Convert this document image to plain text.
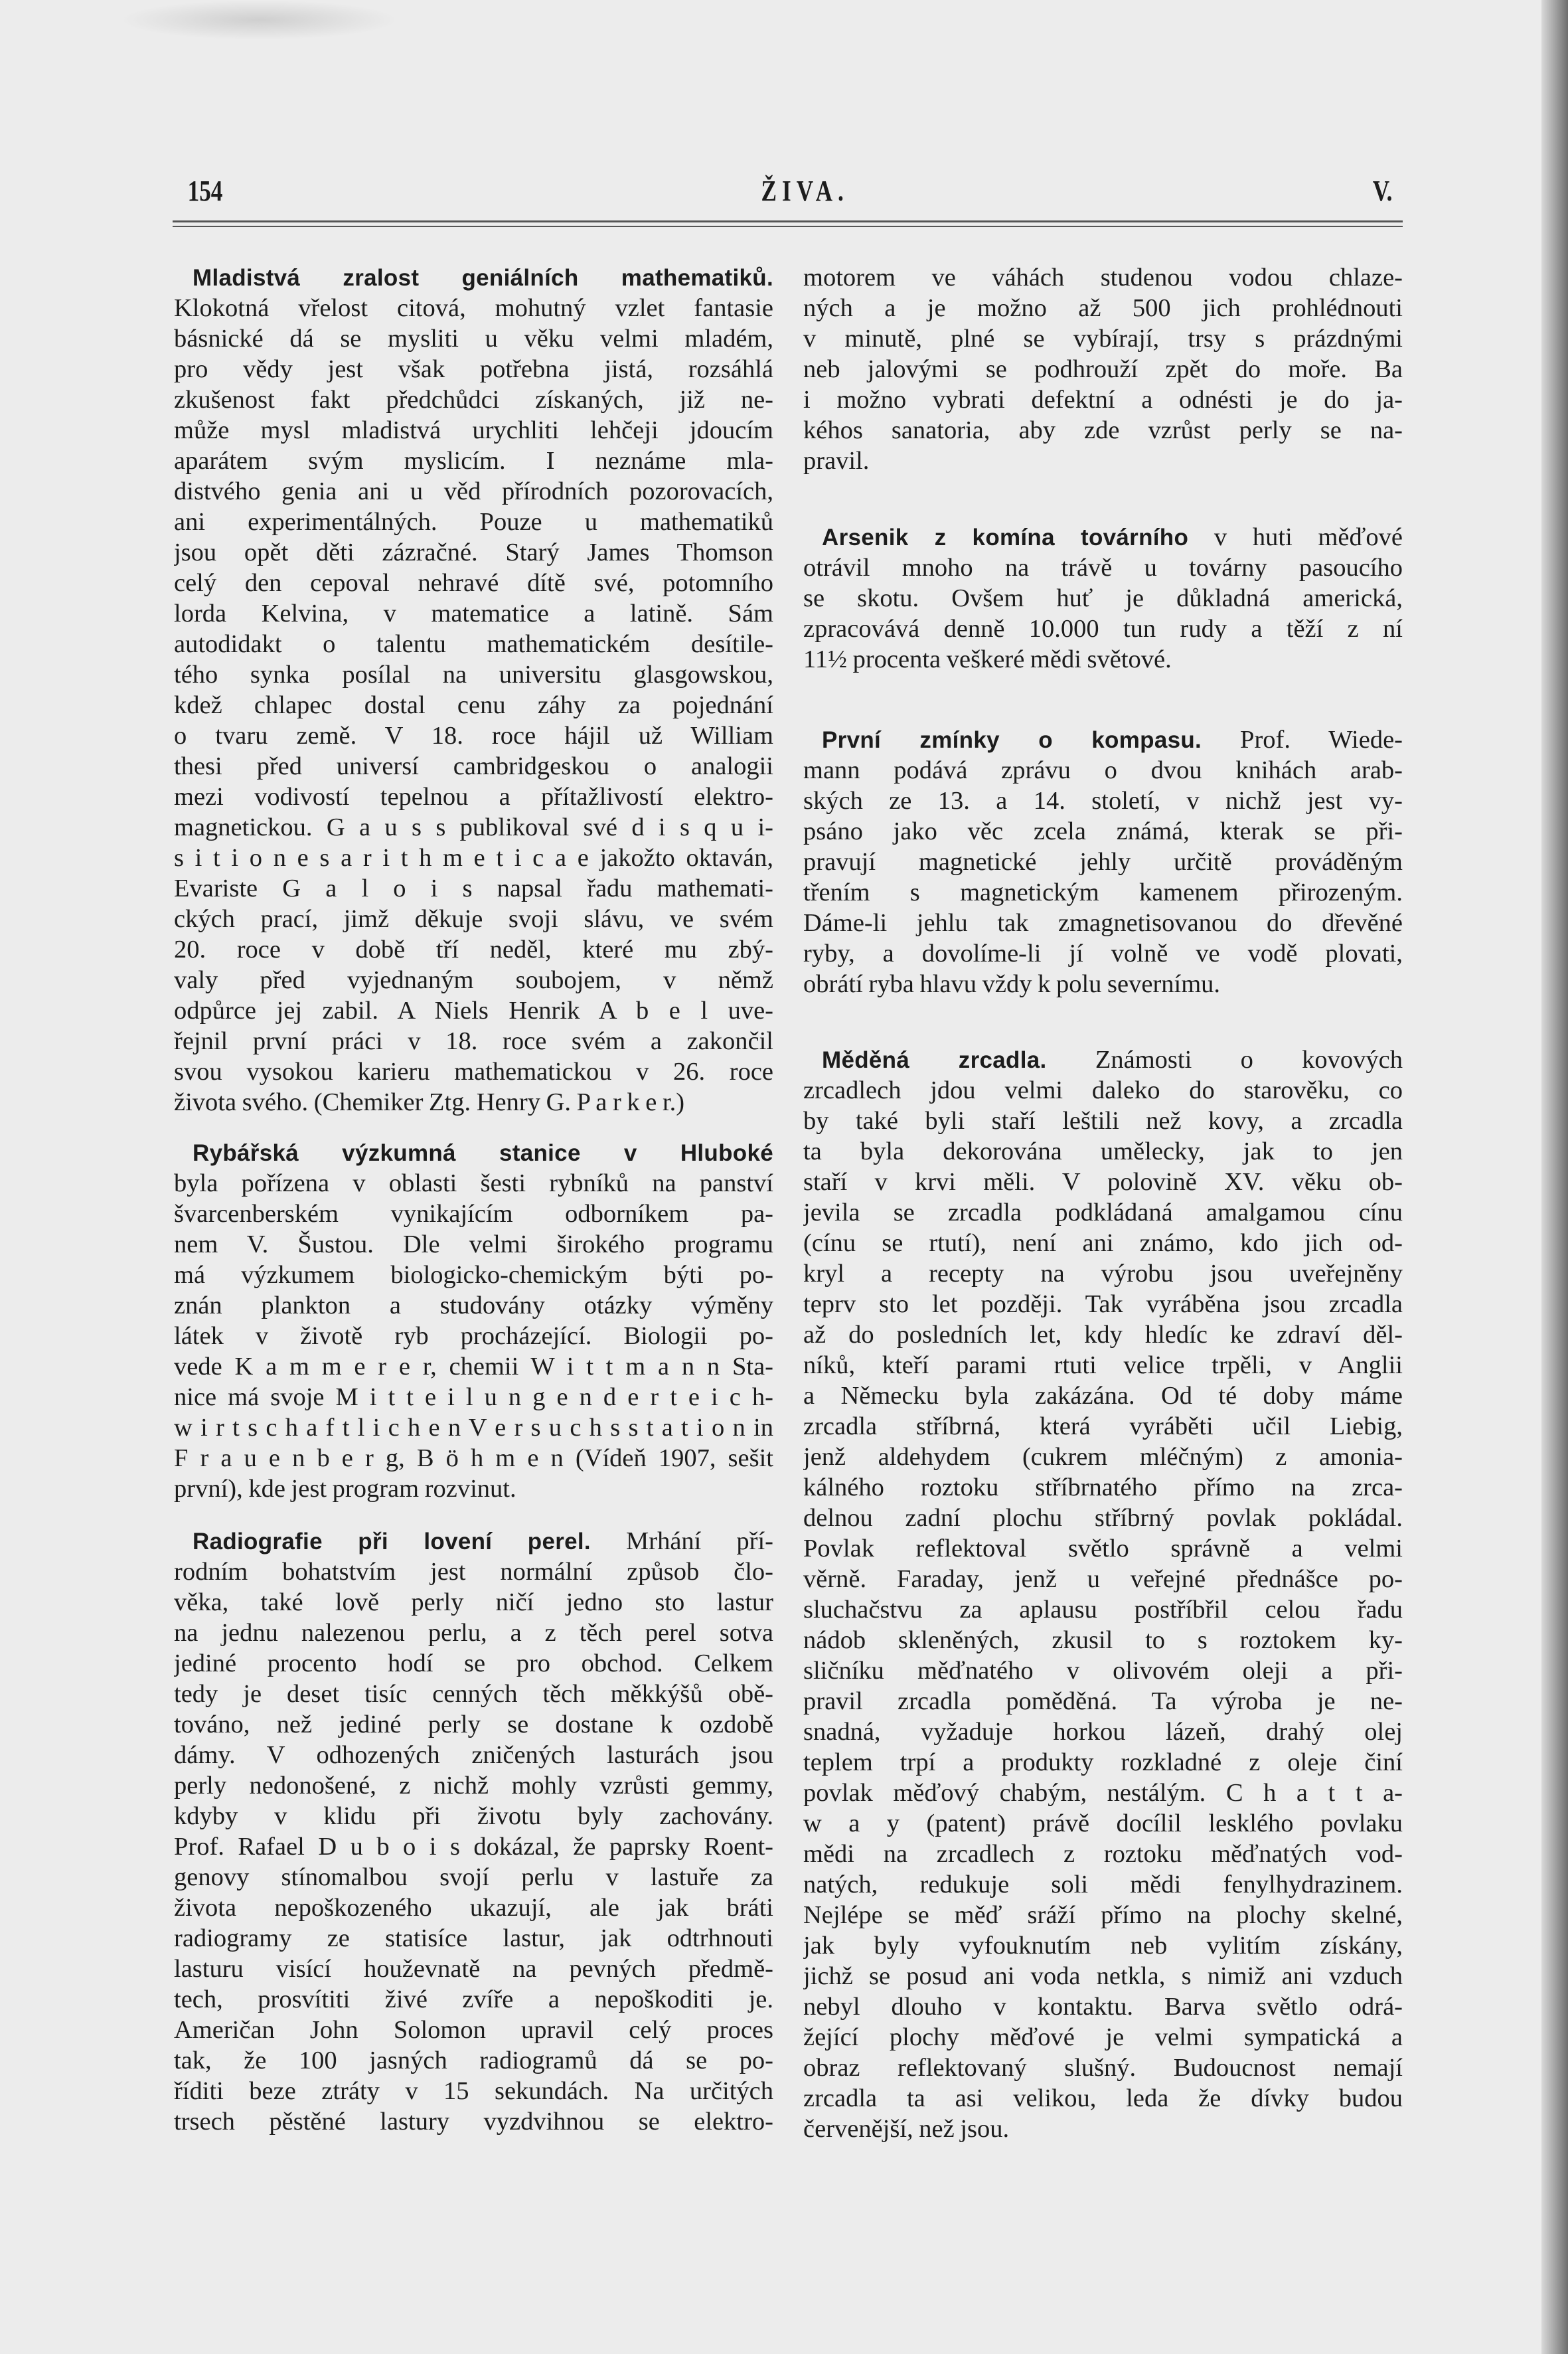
154	ŽIVA.	V.
Mladistvá zralost geniálních mathematiků.
Klokotná vřelost citová, mohutný vzlet fantasie
básnické dá se mysliti u věku velmi mladém,
pro vědy jest však potřebna jistá, rozsáhlá
zkušenost fakt předchůdci získaných, již ne-
může mysl mladistvá urychliti lehčeji jdoucím
aparátem svým myslicím. I neznáme mla-
distvého genia ani u věd přírodních pozorovacích,
ani experimentálných. Pouze u mathematiků
jsou opět děti zázračné. Starý James Thomson
celý den cepoval nehravé dítě své, potomního
lorda Kelvina, v matematice a latině. Sám
autodidakt o talentu mathematickém desítile-
tého synka posílal na universitu glasgowskou,
kdež chlapec dostal cenu záhy za pojednání
o tvaru země. V 18. roce hájil už William
thesi před universí cambridgeskou o analogii
mezi vodivostí tepelnou a přítažlivostí elektro-
magnetickou. G a u s s publikoval své d i s q u i-
s i t i o n e s a r i t h m e t i c a e jakožto oktaván,
Evariste G a l o i s napsal řadu mathemati-
ckých prací, jimž děkuje svoji slávu, ve svém
20. roce v době tří neděl, které mu zbý-
valy před vyjednaným soubojem, v němž
odpůrce jej zabil. A Niels Henrik A b e l uve-
řejnil první práci v 18. roce svém a zakončil
svou vysokou karieru mathematickou v 26. roce
života svého. (Chemiker Ztg. Henry G. P a r k e r.)
Rybářská výzkumná stanice v Hluboké
byla pořízena v oblasti šesti rybníků na panství
švarcenberském vynikajícím odborníkem pa-
nem V. Šustou. Dle velmi širokého programu
má výzkumem biologicko-chemickým býti po-
znán plankton a studovány otázky výměny
látek v životě ryb procházející. Biologii po-
vede K a m m e r e r, chemii W i t t m a n n Sta-
nice má svoje M i t t e i l u n g e n d e r t e i c h-
w i r t s c h a f t l i c h e n V e r s u c h s s t a t i o n in
F r a u e n b e r g, B ö h m e n (Vídeň 1907, sešit
první), kde jest program rozvinut.
Radiografie při lovení perel. Mrhání pří-
rodním bohatstvím jest normální způsob člo-
věka, také lově perly ničí jedno sto lastur
na jednu nalezenou perlu, a z těch perel sotva
jediné procento hodí se pro obchod. Celkem
tedy je deset tisíc cenných těch měkkýšů obě-
továno, než jediné perly se dostane k ozdobě
dámy. V odhozených zničených lasturách jsou
perly nedonošené, z nichž mohly vzrůsti gemmy,
kdyby v klidu při životu byly zachovány.
Prof. Rafael D u b o i s dokázal, že paprsky Roent-
genovy stínomalbou svojí perlu v lastuře za
života nepoškozeného ukazují, ale jak bráti
radiogramy ze statisíce lastur, jak odtrhnouti
lasturu visící houževnatě na pevných předmě-
tech, prosvítiti živé zvíře a nepoškoditi je.
Američan John Solomon upravil celý proces
tak, že 100 jasných radiogramů dá se po-
říditi beze ztráty v 15 sekundách. Na určitých
trsech pěstěné lastury vyzdvihnou se elektro-
motorem ve váhách studenou vodou chlaze-
ných a je možno až 500 jich prohlédnouti
v minutě, plné se vybírají, trsy s prázdnými
neb jalovými se podhrouží zpět do moře. Ba
i možno vybrati defektní a odnésti je do ja-
kéhos sanatoria, aby zde vzrůst perly se na-
pravil.
Arsenik z komína továrního v huti měďové
otrávil mnoho na trávě u továrny pasoucího
se skotu. Ovšem huť je důkladná americká,
zpracovává denně 10.000 tun rudy a těží z ní
11½ procenta veškeré mědi světové.
První zmínky o kompasu. Prof. Wiede-
mann podává zprávu o dvou knihách arab-
ských ze 13. a 14. století, v nichž jest vy-
psáno jako věc zcela známá, kterak se při-
pravují magnetické jehly určitě prováděným
třením s magnetickým kamenem přirozeným.
Dáme-li jehlu tak zmagnetisovanou do dřevěné
ryby, a dovolíme-li jí volně ve vodě plovati,
obrátí ryba hlavu vždy k polu severnímu.
Měděná zrcadla. Známosti o kovových
zrcadlech jdou velmi daleko do starověku, co
by také byli staří leštili než kovy, a zrcadla
ta byla dekorována umělecky, jak to jen
staří v krvi měli. V polovině XV. věku ob-
jevila se zrcadla podkládaná amalgamou cínu
(cínu se rtutí), není ani známo, kdo jich od-
kryl a recepty na výrobu jsou uveřejněny
teprv sto let později. Tak vyráběna jsou zrcadla
až do posledních let, kdy hledíc ke zdraví děl-
níků, kteří parami rtuti velice trpěli, v Anglii
a Německu byla zakázána. Od té doby máme
zrcadla stříbrná, která vyráběti učil Liebig,
jenž aldehydem (cukrem mléčným) z amonia-
kálného roztoku stříbrnatého přímo na zrca-
delnou zadní plochu stříbrný povlak pokládal.
Povlak reflektoval světlo správně a velmi
věrně. Faraday, jenž u veřejné přednášce po-
sluchačstvu za aplausu postříbřil celou řadu
nádob skleněných, zkusil to s roztokem ky-
sličníku měďnatého v olivovém oleji a při-
pravil zrcadla poměděná. Ta výroba je ne-
snadná, vyžaduje horkou lázeň, drahý olej
teplem trpí a produkty rozkladné z oleje činí
povlak měďový chabým, nestálým. C h a t t a-
w a y (patent) právě docílil lesklého povlaku
mědi na zrcadlech z roztoku měďnatých vod-
natých, redukuje soli mědi fenylhydrazinem.
Nejlépe se měď sráží přímo na plochy skelné,
jak byly vyfouknutím neb vylitím získány,
jichž se posud ani voda netkla, s nimiž ani vzduch
nebyl dlouho v kontaktu. Barva světlo odrá-
žející plochy měďové je velmi sympatická a
obraz reflektovaný slušný. Budoucnost nemají
zrcadla ta asi velikou, leda že dívky budou
červenější, než jsou.
